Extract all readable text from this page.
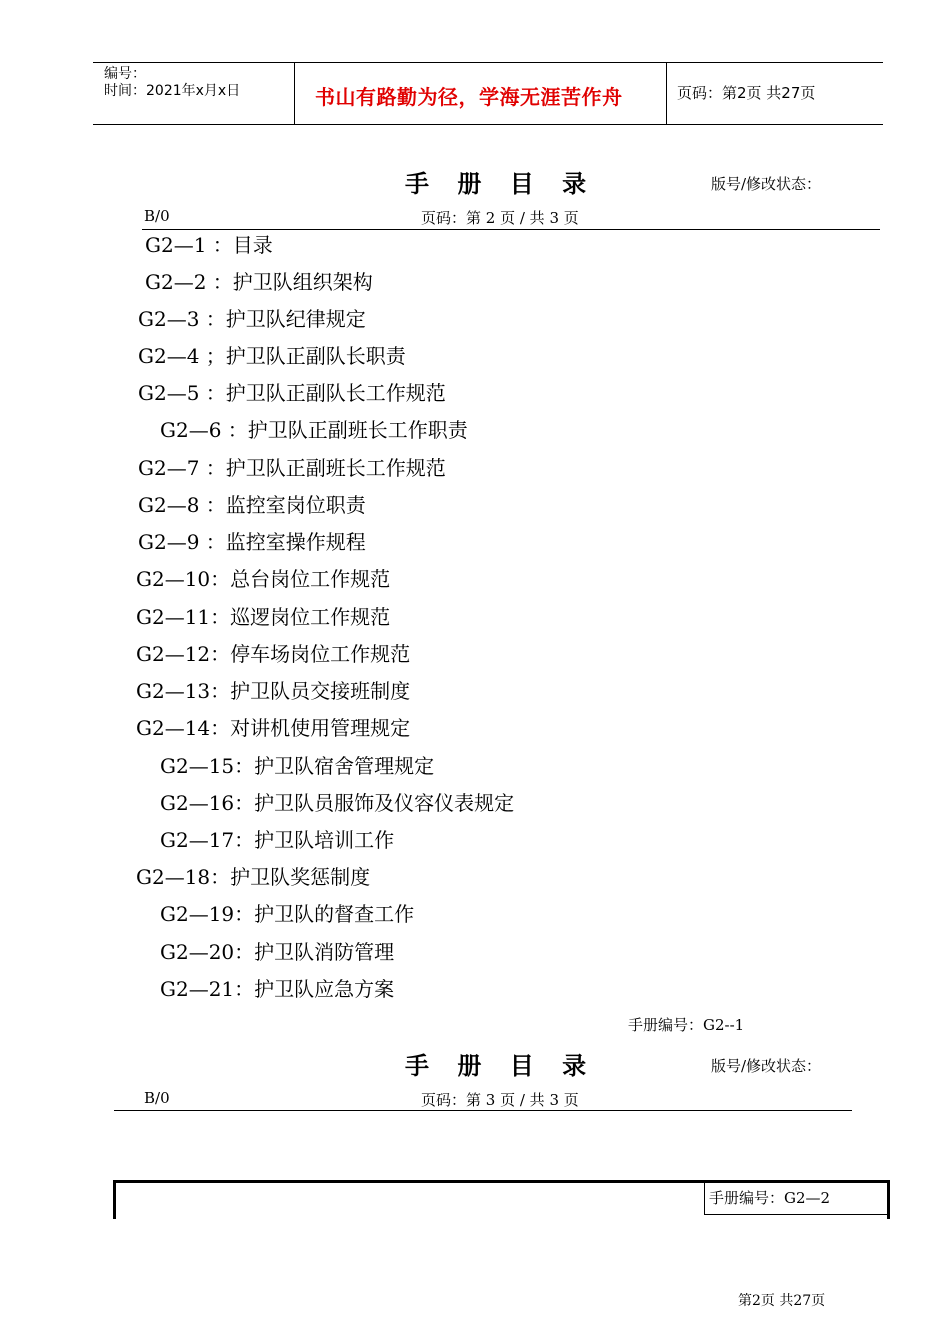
编号：
时间：2021年x月x日	书山有路勤为径，学海无涯苦作舟	页码：第2页 共27页
手 册 目 录	版号/修改状态：
B/0	页码：第 2 页 / 共 3 页
G2—1 ：目录
G2—2 ：护卫队组织架构
G2—3 ：护卫队纪律规定
G2—4 ；护卫队正副队长职责
G2—5 ：护卫队正副队长工作规范
G2—6 ：护卫队正副班长工作职责
G2—7 ：护卫队正副班长工作规范
G2—8 ：监控室岗位职责
G2—9 ：监控室操作规程
G2—10：总台岗位工作规范
G2—11：巡逻岗位工作规范
G2—12：停车场岗位工作规范
G2—13：护卫队员交接班制度
G2—14：对讲机使用管理规定
G2—15：护卫队宿舍管理规定
G2—16：护卫队员服饰及仪容仪表规定
G2—17：护卫队培训工作
G2—18：护卫队奖惩制度
G2—19：护卫队的督查工作
G2—20：护卫队消防管理
G2—21：护卫队应急方案
手册编号：G2--1
手 册 目 录	版号/修改状态：
B/0	页码：第 3 页 / 共 3 页
手册编号：G2—2
第2页 共27页
